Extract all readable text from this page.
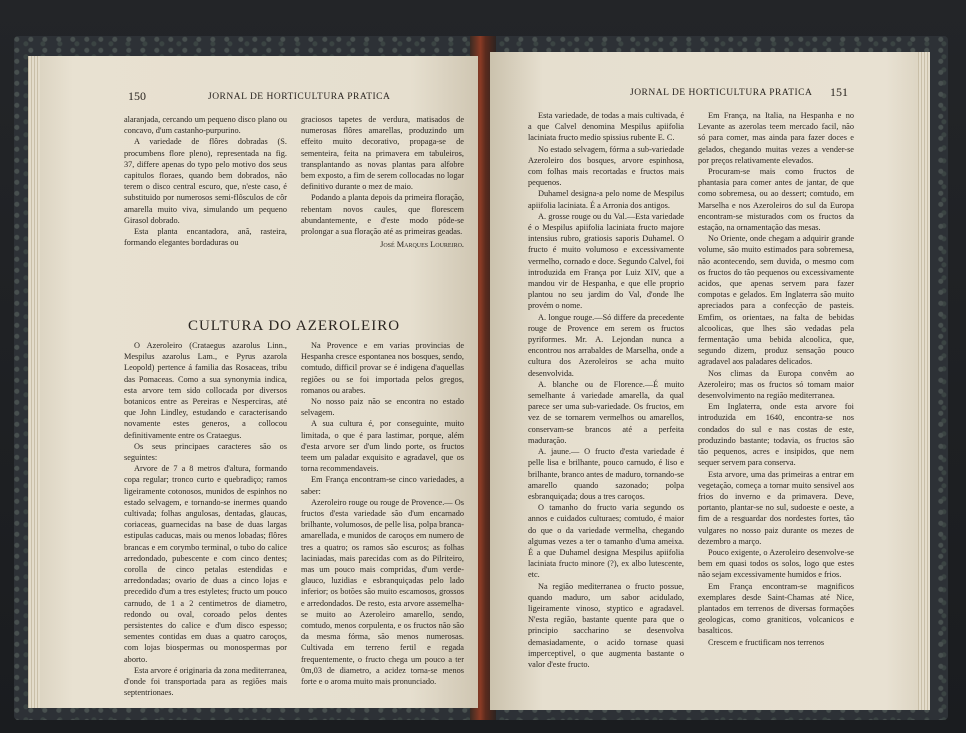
150	JORNAL DE HORTICULTURA PRATICA

alaranjada, cercando um pequeno disco plano ou concavo, d'um castanho-purpurino.

A variedade de flôres dobradas (S. procumbens flore pleno), representada na fig. 37, differe apenas do typo pelo motivo dos seus capitulos floraes, quando bem dobrados, não terem o disco central escuro, que, n'este caso, é substituido por numerosos semi-flôsculos de côr amarella muito viva, simulando um pequeno Girasol dobrado.

Esta planta encantadora, anã, rasteira, formando elegantes bordaduras ou

graciosos tapetes de verdura, matisados de numerosas flôres amarellas, produzindo um effeito muito decorativo, propaga-se de sementeira, feita na primavera em tabuleiros, transplantando as novas plantas para alfobre bem exposto, a fim de serem collocadas no logar definitivo durante o mez de maio.

Podando a planta depois da primeira floração, rebentam novos caules, que florescem abundantemente, e d'este modo póde-se prolongar a sua floração até as primeiras geadas.

José Marques Loureiro.
CULTURA DO AZEROLEIRO

O Azeroleiro (Crataegus azarolus Linn., Mespilus azarolus Lam., e Pyrus azarola Leopold) pertence á familia das Rosaceas, tribu das Pomaceas. Como a sua synonymia indica, esta arvore tem sido collocada por diversos botanicos entre as Pereiras e Nesperciras, até que John Lindley, estudando e caracterisando novamente estes generos, a collocou definitivamente entre os Crataegus.

Os seus principaes caracteres são os seguintes:

Arvore de 7 a 8 metros d'altura, formando copa regular; tronco curto e quebradiço; ramos ligeiramente cotonosos, munidos de espinhos no estado selvagem, e tornando-se inermes quando cultivada; folhas angulosas, dentadas, glaucas, coriaceas, guarnecidas na base de duas largas estipulas caducas, mais ou menos lobadas; flôres brancas e em corymbo terminal, o tubo do calice arredondado, pubescente e com cinco dentes; corolla de cinco petalas estendidas e arredondadas; ovario de duas a cinco lojas e precedido d'um a tres estyletes; fructo um pouco carnudo, de 1 a 2 centimetros de diametro, redondo ou oval, coroado pelos dentes persistentes do calice e d'um disco espesso; sementes contidas em duas a quatro caroços, com lojas biospermas ou monospermas por aborto.

Esta arvore é originaria da zona mediterranea, d'onde foi transportada para as regiões mais septentrionaes.

Na Provence e em varias provincias de Hespanha cresce espontanea nos bosques, sendo, comtudo, difficil provar se é indigena d'aquellas regiões ou se foi importada pelos gregos, romanos ou arabes.

No nosso paiz não se encontra no estado selvagem.

A sua cultura é, por conseguinte, muito limitada, o que é para lastimar, porque, além d'esta arvore ser d'um lindo porte, os fructos teem um paladar exquisito e agradavel, que os torna recommendaveis.

Em França encontram-se cinco variedades, a saber:

Azeroleiro rouge ou rouge de Provence.— Os fructos d'esta variedade são d'um encarnado brilhante, volumosos, de pelle lisa, polpa branca-amarellada, e munidos de caroços em numero de tres a quatro; os ramos são escuros; as folhas laciniadas, mais parecidas com as do Pilriteiro, mas um pouco mais compridas, d'um verde-glauco, luzidias e esbranquiçadas pelo lado inferior; os botões são muito escamosos, grossos e arredondados. De resto, esta arvore assemelha-se muito ao Azeroleiro amarello, sendo, comtudo, menos corpulenta, e os fructos não são da mesma fórma, são menos numerosas. Cultivada em terreno fertil e regada frequentemente, o fructo chega um pouco a ter 0m,03 de diametro, a acidez torna-se menos forte e o aroma muito mais pronunciado.

JORNAL DE HORTICULTURA PRATICA 151

Esta variedade, de todas a mais cultivada, é a que Calvel denomina Mespilus apiifolia laciniata fructo medio spissius rubente E. C.

No estado selvagem, fórma a sub-variedade Azeroleiro dos bosques, arvore espinhosa, com folhas mais recortadas e fructos mais pequenos.

Duhamel designa-a pelo nome de Mespilus apiifolia laciniata. É a Arronia dos antigos.

A. grosse rouge ou du Val.—Esta variedade é o Mespilus apiifolia laciniata fructo majore intensius rubro, gratiosis saporis Duhamel. O fructo é muito volumoso e excessivamente vermelho, cornado e doce. Segundo Calvel, foi introduzida em França por Luiz XIV, que a mandou vir de Hespanha, e que elle proprio plantou no seu jardim do Val, d'onde lhe provém o nome.

A. longue rouge.—Só differe da precedente rouge de Provence em serem os fructos pyriformes. Mr. A. Lejondan nunca a encontrou nos arrabaldes de Marselha, onde a cultura dos Azeroleiros se acha muito desenvolvida.

A. blanche ou de Florence.—É muito semelhante á variedade amarella, da qual parece ser uma sub-variedade. Os fructos, em vez de se tornarem vermelhos ou amarellos, conservam-se brancos até a perfeita maduração.

A. jaune.— O fructo d'esta variedade é pelle lisa e brilhante, pouco carnudo, é liso e brilhante, branco antes de maduro, tornando-se amarello quando sazonado; polpa esbranquiçada; dous a tres caroços.

O tamanho do fructo varia segundo os annos e cuidados culturaes; comtudo, é maior do que o da variedade vermelha, chegando algumas vezes a ter o tamanho d'uma ameixa. É a que Duhamel designa Mespilus apiifolia laciniata fructo minore (?), ex albo lutescente, etc.

Na região mediterranea o fructo possue, quando maduro, um sabor acidulado, ligeiramente vinoso, styptico e agradavel. N'esta região, bastante quente para que o principio saccharino se desenvolva demasiadamente, o acido tornase quasi imperceptivel, o que augmenta bastante o valor d'este fructo.

Em França, na Italia, na Hespanha e no Levante as azerolas teem mercado facil, não só para comer, mas ainda para fazer doces e gelados, chegando muitas vezes a vender-se por preços relativamente elevados.

Procuram-se mais como fructos de phantasia para comer antes de jantar, de que como sobremesa, ou ao dessert; comtudo, em Marselha e nos Azeroleiros do sul da Europa encontram-se misturados com os fructos da estação, na ornamentação das mesas.

No Oriente, onde chegam a adquirir grande volume, são muito estimados para sobremesa, não acontecendo, sem duvida, o mesmo com os fructos do tão pequenos ou excessivamente acidos, que apenas servem para fazer compotas e gelados. Em Inglaterra são muito apreciados para a confecção de pasteis. Emfim, os orientaes, na falta de bebidas alcoolicas, que lhes são vedadas pela fermentação uma bebida alcoolica, que, segundo dizem, produz sensação pouco agradavel aos paladares delicados.

Nos climas da Europa convêm ao Azeroleiro; mas os fructos só tomam maior desenvolvimento na região mediterranea.

Em Inglaterra, onde esta arvore foi introduzida em 1640, encontra-se nos condados do sul e nas costas de este, produzindo bastante; todavia, os fructos são tão pequenos, acres e insipidos, que nem sequer servem para conserva.

Esta arvore, uma das primeiras a entrar em vegetação, começa a tornar muito sensivel aos frios do inverno e da primavera. Deve, portanto, plantar-se no sul, sudoeste e oeste, a fim de a resguardar dos nordestes fortes, tão vulgares no nosso paiz durante os mezes de dezembro a março.

Pouco exigente, o Azeroleiro desenvolve-se bem em quasi todos os solos, logo que estes não sejam excessivamente humidos e frios.

Em França encontram-se magnificos exemplares desde Saint-Chamas até Nice, plantados em terrenos de diversas formações geologicas, como graniticos, volcanicos e basalticos.

Crescem e fructificam nos terrenos
